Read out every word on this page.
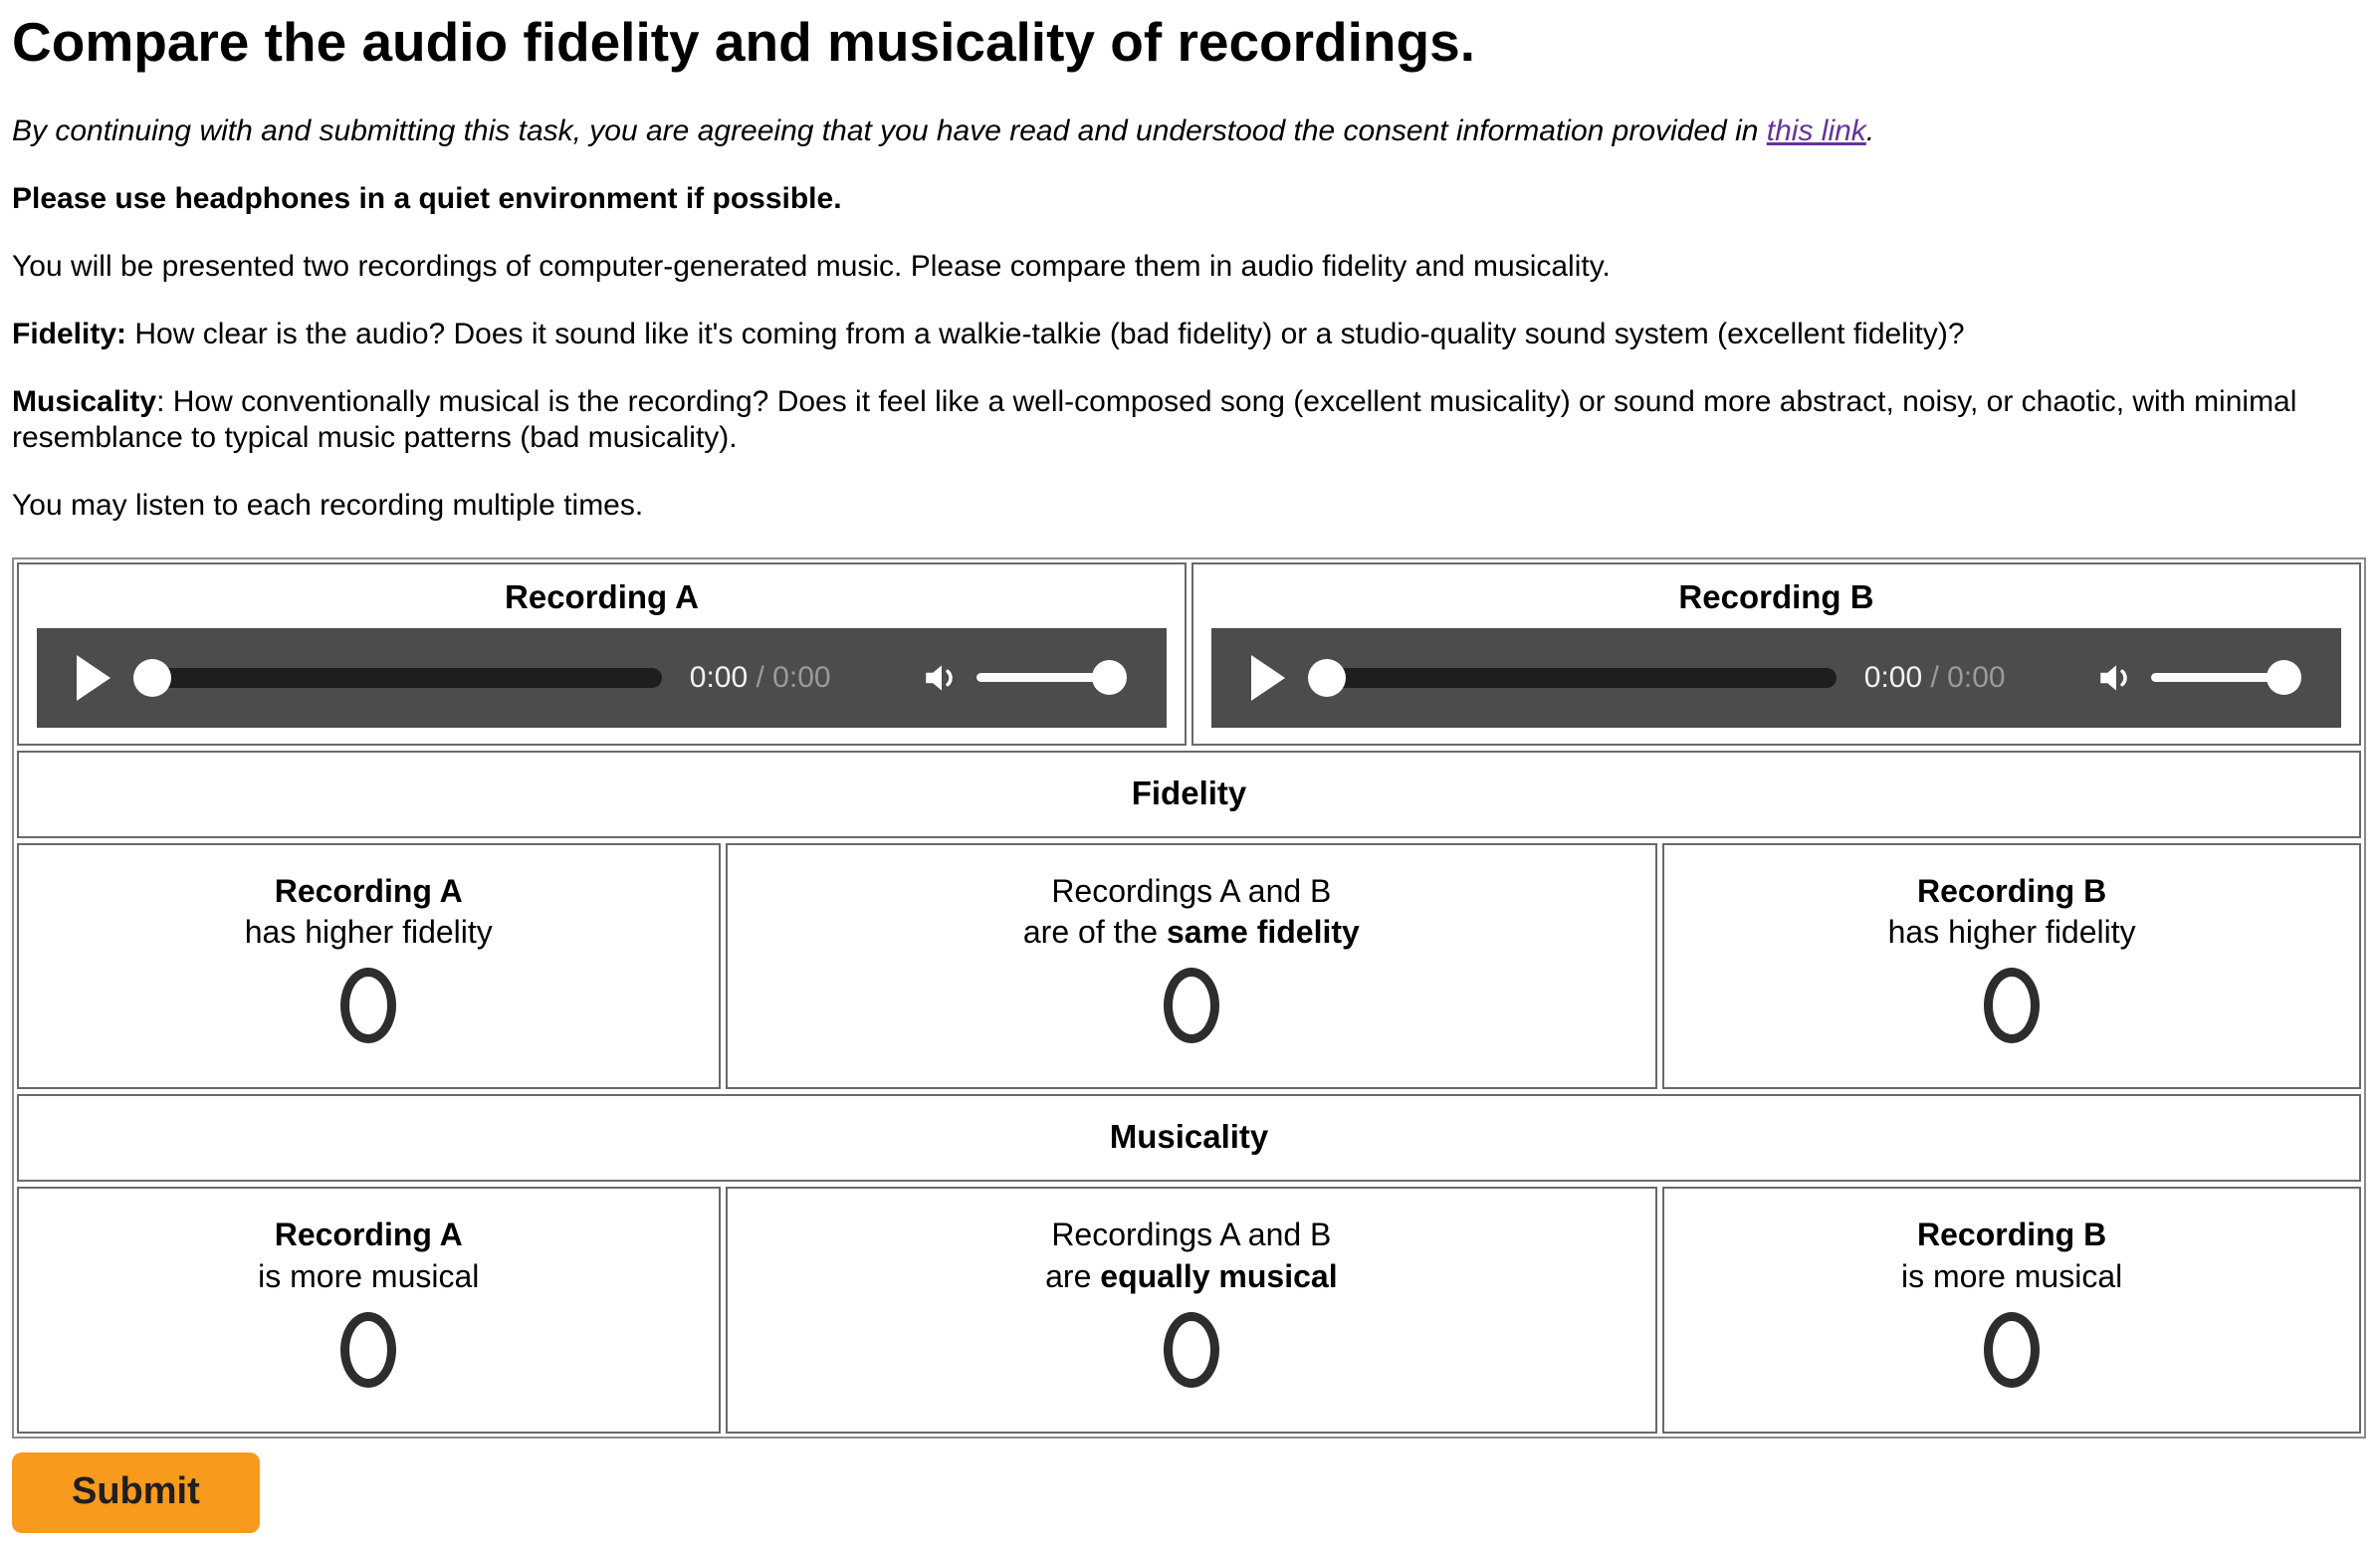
Compare the audio fidelity and musicality of recordings.

By continuing with and submitting this task, you are agreeing that you have read and understood the consent information provided in this link.

Please use headphones in a quiet environment if possible.

You will be presented two recordings of computer-generated music. Please compare them in audio fidelity and musicality.

Fidelity: How clear is the audio? Does it sound like it's coming from a walkie-talkie (bad fidelity) or a studio-quality sound system (excellent fidelity)?

Musicality: How conventionally musical is the recording? Does it feel like a well-composed song (excellent musicality) or sound more abstract, noisy, or chaotic, with minimal resemblance to typical music patterns (bad musicality).

You may listen to each recording multiple times.

Recording A
0:00 / 0:00
Recording B
0:00 / 0:00
Fidelity
Recording A
has higher fidelity
Recordings A and B
are of the same fidelity
Recording B
has higher fidelity
Musicality
Recording A
is more musical
Recordings A and B
are equally musical
Recording B
is more musical
Submit
